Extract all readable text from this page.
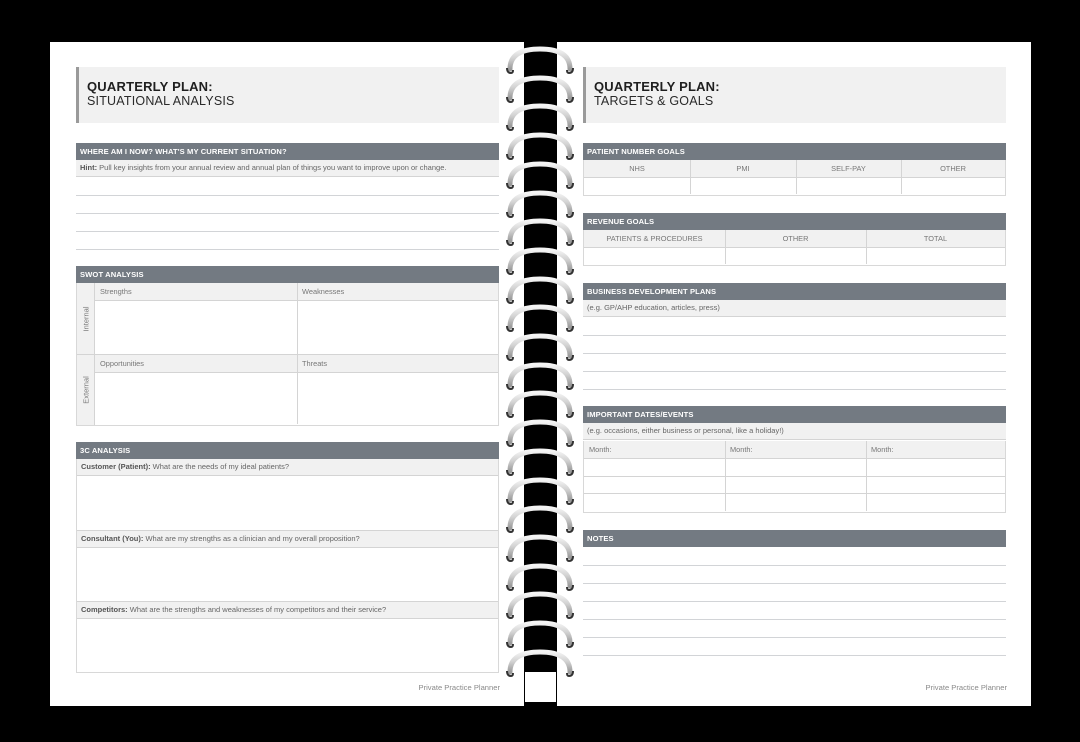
QUARTERLY PLAN:
SITUATIONAL ANALYSIS
WHERE AM I NOW? WHAT'S MY CURRENT SITUATION?
Hint: Pull key insights from your annual review and annual plan of things you want to improve upon or change.
SWOT ANALYSIS
Internal
External
Strengths	Weaknesses
Opportunities	Threats
3C ANALYSIS
Customer (Patient): What are the needs of my ideal patients?
Consultant (You): What are my strengths as a clinician and my overall proposition?
Competitors: What are the strengths and weaknesses of my competitors and their service?
Private Practice Planner
QUARTERLY PLAN:
TARGETS & GOALS
PATIENT NUMBER GOALS
NHS	PMI	SELF-PAY	OTHER
REVENUE GOALS
PATIENTS & PROCEDURES	OTHER	TOTAL
BUSINESS DEVELOPMENT PLANS
(e.g. GP/AHP education, articles, press)
IMPORTANT DATES/EVENTS
(e.g. occasions, either business or personal, like a holiday!)
Month:	Month:	Month:
NOTES
Private Practice Planner
